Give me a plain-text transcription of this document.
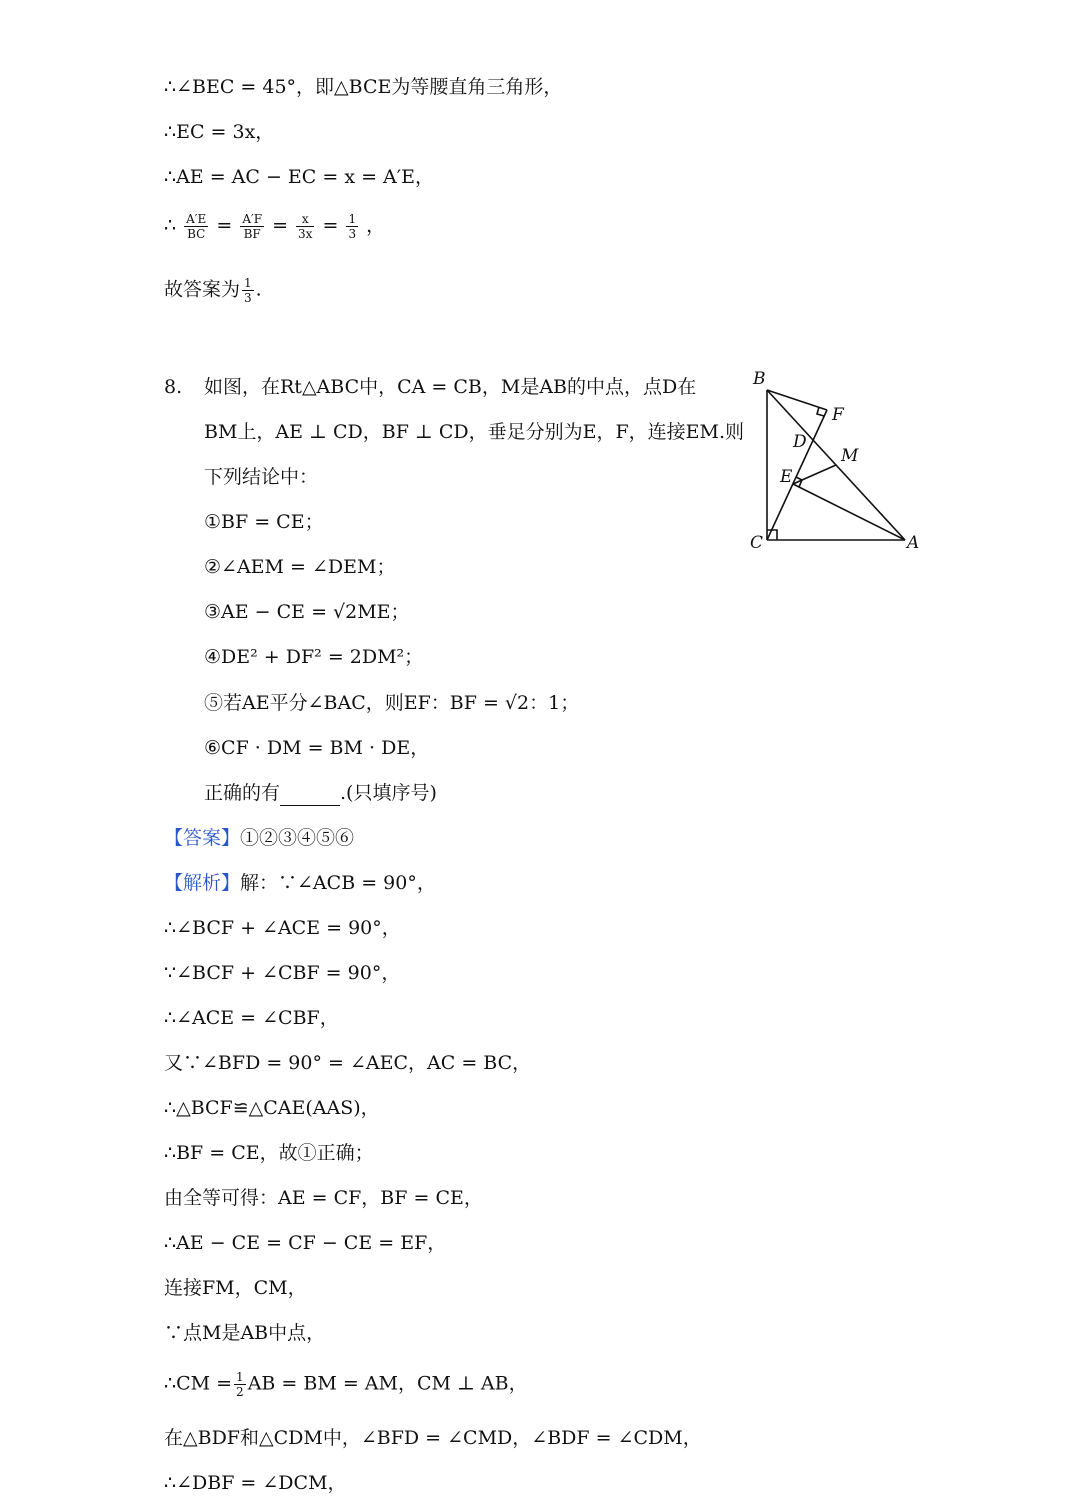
∴∠BEC = 45°，即△BCE为等腰直角三角形，
∴EC = 3x，
∴AE = AC − EC = x = A′E，
∴ $\frac{A'E}{BC} = \frac{A'F}{BF} = \frac{x}{3x} = \frac{1}{3}$ ，
故答案为 $\frac{1}{3}$ .
8. 如图，在Rt△ABC中，CA = CB，M是AB的中点，点D在
BM上，AE ⊥ CD，BF ⊥ CD，垂足分别为E，F，连接EM.则
下列结论中：
①BF = CE；
②∠AEM = ∠DEM；
③AE − CE = √2ME；
④DE² + DF² = 2DM²；
⑤若AE平分∠BAC，则EF：BF = √2：1；
⑥CF · DM = BM · DE，
正确的有	.(只填序号)
B
F
D
M
E
C	A
【答案】①②③④⑤⑥
【解析】解：∵∠ACB = 90°，
∴∠BCF + ∠ACE = 90°，
∵∠BCF + ∠CBF = 90°，
∴∠ACE = ∠CBF，
又∵∠BFD = 90° = ∠AEC，AC = BC，
∴△BCF≌△CAE(AAS)，
∴BF = CE，故①正确；
由全等可得：AE = CF，BF = CE，
∴AE − CE = CF − CE = EF，
连接FM，CM，
∵点M是AB中点，
∴CM = $\frac{1}{2}$ AB = BM = AM，CM ⊥ AB，
在△BDF和△CDM中，∠BFD = ∠CMD，∠BDF = ∠CDM，
∴∠DBF = ∠DCM，
